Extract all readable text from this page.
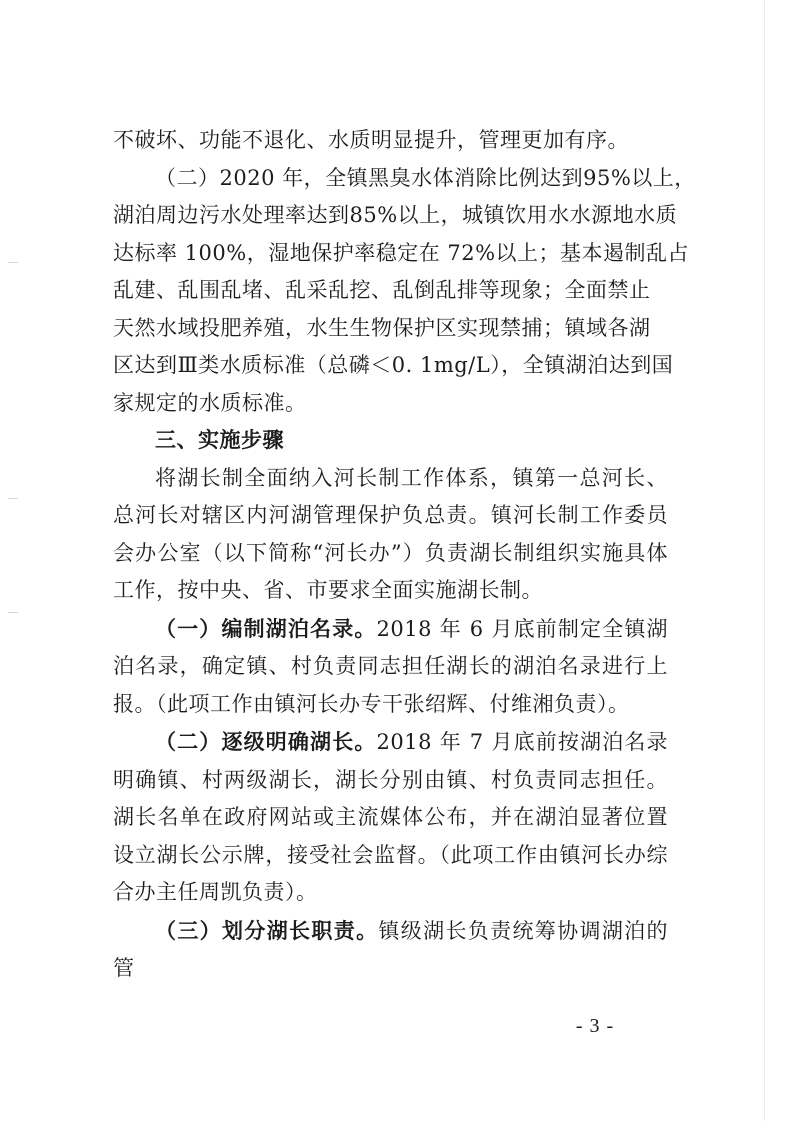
不破坏、功能不退化、水质明显提升，管理更加有序。

（二）2020 年，全镇黑臭水体消除比例达到95%以上，
湖泊周边污水处理率达到85%以上，城镇饮用水水源地水质
达标率 100%，湿地保护率稳定在 72%以上；基本遏制乱占
乱建、乱围乱堵、乱采乱挖、乱倒乱排等现象；全面禁止
天然水域投肥养殖，水生生物保护区实现禁捕；镇域各湖
区达到Ⅲ类水质标准（总磷＜0. 1mg/L），全镇湖泊达到国
家规定的水质标准。

三、实施步骤

将湖长制全面纳入河长制工作体系，镇第一总河长、总河长对辖区内河湖管理保护负总责。镇河长制工作委员会办公室（以下简称“河长办”）负责湖长制组织实施具体工作，按中央、省、市要求全面实施湖长制。

（一）编制湖泊名录。2018 年 6 月底前制定全镇湖泊名录，确定镇、村负责同志担任湖长的湖泊名录进行上报。（此项工作由镇河长办专干张绍辉、付维湘负责）。

（二）逐级明确湖长。2018 年 7 月底前按湖泊名录明确镇、村两级湖长，湖长分别由镇、村负责同志担任。湖长名单在政府网站或主流媒体公布，并在湖泊显著位置设立湖长公示牌，接受社会监督。（此项工作由镇河长办综合办主任周凯负责）。

（三）划分湖长职责。镇级湖长负责统筹协调湖泊的管

- 3 -
